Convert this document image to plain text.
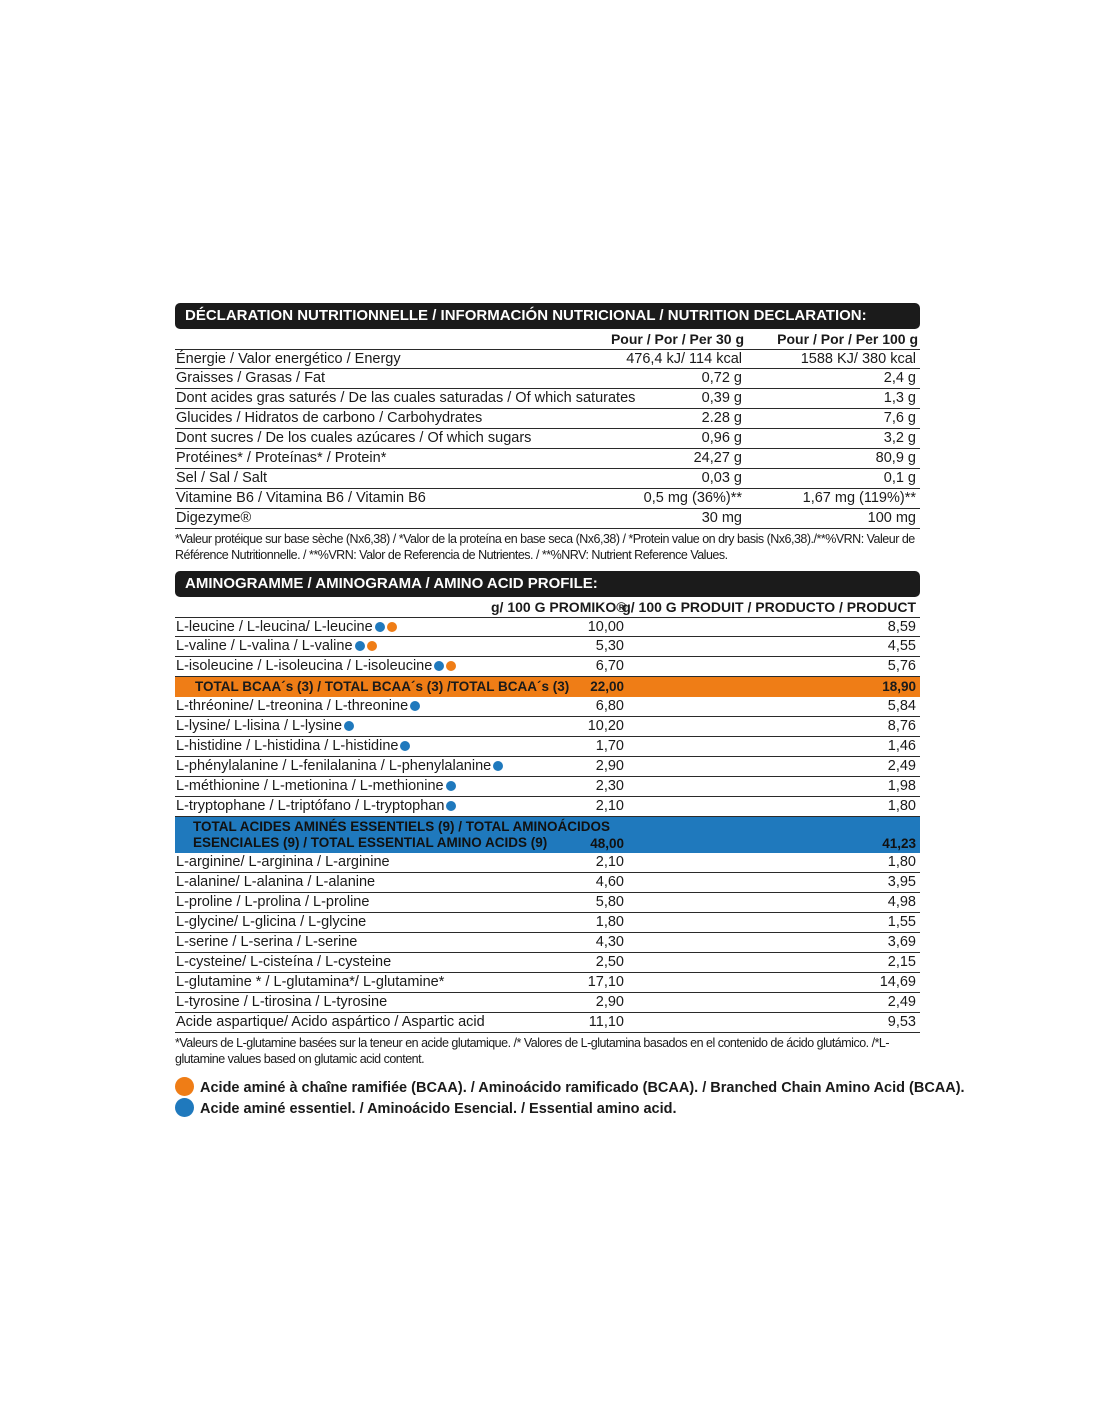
DÉCLARATION NUTRITIONNELLE / INFORMACIÓN NUTRICIONAL / NUTRITION DECLARATION:
Pour / Por / Per 30 g Pour / Por / Per 100 g
Énergie / Valor energético / Energy	476,4 kJ/ 114 kcal	1588 KJ/ 380 kcal
Graisses / Grasas / Fat	0,72 g	2,4 g
Dont acides gras saturés / De las cuales saturadas / Of which saturates	0,39 g	1,3 g
Glucides / Hidratos de carbono / Carbohydrates	2.28 g	7,6 g
Dont sucres / De los cuales azúcares / Of which sugars	0,96 g	3,2 g
Protéines* / Proteínas* / Protein*	24,27 g	80,9 g
Sel / Sal / Salt	0,03 g	0,1 g
Vitamine B6 / Vitamina B6 / Vitamin B6	0,5 mg (36%)**	1,67 mg (119%)**
Digezyme®	30 mg	100 mg
*Valeur protéique sur base sèche (Nx6,38) / *Valor de la proteína en base seca (Nx6,38) / *Protein value on dry basis (Nx6,38)./**%VRN: Valeur de Référence Nutritionnelle. / **%VRN: Valor de Referencia de Nutrientes. / **%NRV: Nutrient Reference Values.
AMINOGRAMME / AMINOGRAMA / AMINO ACID PROFILE:
g/ 100 G PROMIKO®
g/ 100 G PRODUIT / PRODUCTO / PRODUCT
L-leucine / L-leucina/ L-leucine	10,00	8,59
L-valine / L-valina / L-valine	5,30	4,55
L-isoleucine / L-isoleucina / L-isoleucine	6,70	5,76
TOTAL BCAA´s (3) / TOTAL BCAA´s (3) /TOTAL BCAA´s (3) 22,00	18,90
L-thréonine/ L-treonina / L-threonine	6,80	5,84
L-lysine/ L-lisina / L-lysine	10,20	8,76
L-histidine / L-histidina / L-histidine	1,70	1,46
L-phénylalanine / L-fenilalanina / L-phenylalanine	2,90	2,49
L-méthionine / L-metionina / L-methionine	2,30	1,98
L-tryptophane / L-triptófano / L-tryptophan	2,10	1,80
TOTAL ACIDES AMINÉS ESSENTIELS (9) / TOTAL AMINOÁCIDOS ESENCIALES (9) / TOTAL ESSENTIAL AMINO ACIDS (9)	48,00	41,23
L-arginine/ L-arginina / L-arginine	2,10	1,80
L-alanine/ L-alanina / L-alanine	4,60	3,95
L-proline / L-prolina / L-proline	5,80	4,98
L-glycine/ L-glicina / L-glycine	1,80	1,55
L-serine / L-serina / L-serine	4,30	3,69
L-cysteine/ L-cisteína / L-cysteine	2,50	2,15
L-glutamine * / L-glutamina*/ L-glutamine*	17,10	14,69
L-tyrosine / L-tirosina / L-tyrosine	2,90	2,49
Acide aspartique/ Acido aspártico / Aspartic acid	11,10	9,53
*Valeurs de L-glutamine basées sur la teneur en acide glutamique. /* Valores de L-glutamina basados en el contenido de ácido glutámico. /*L-glutamine values based on glutamic acid content.
Acide aminé à chaîne ramifiée (BCAA). / Aminoácido ramificado (BCAA). / Branched Chain Amino Acid (BCAA).
Acide aminé essentiel. / Aminoácido Esencial. / Essential amino acid.
